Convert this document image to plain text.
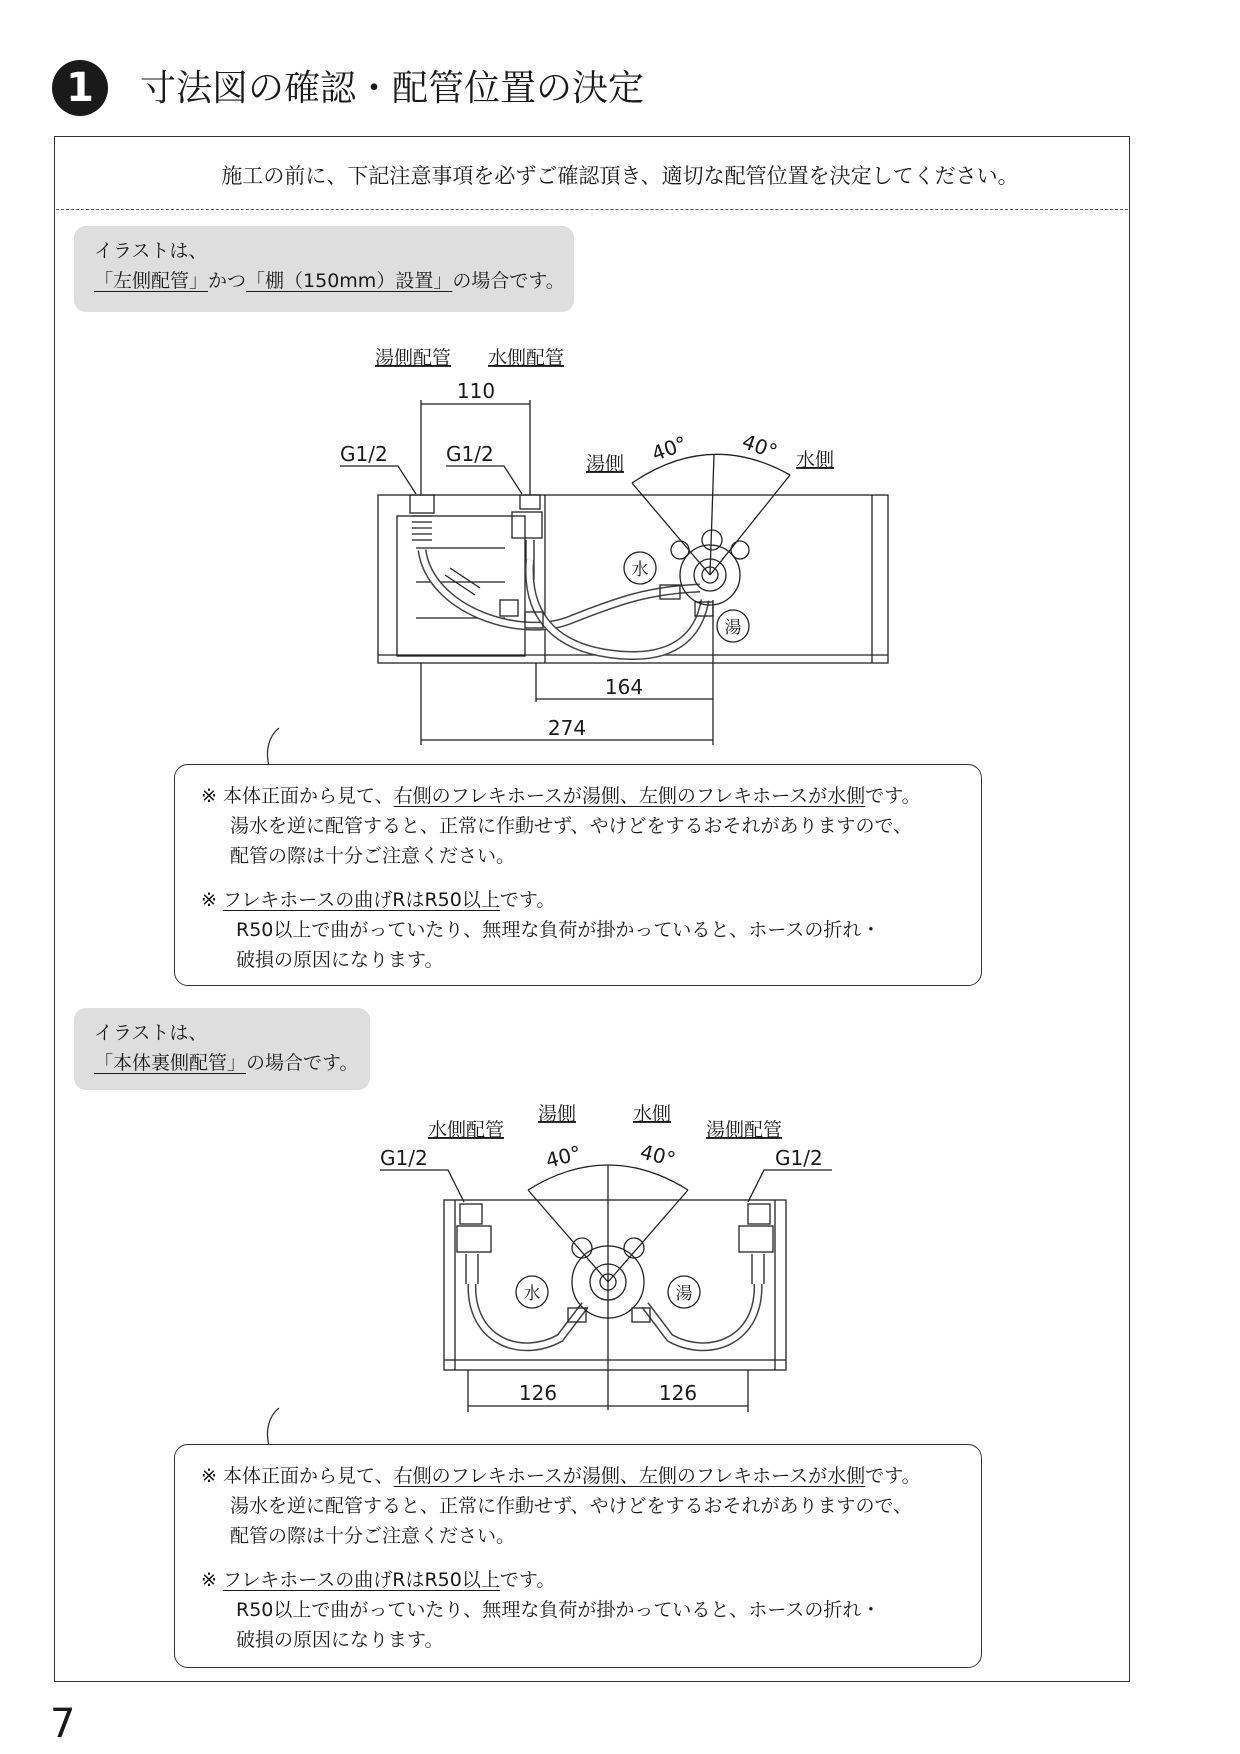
1	寸法図の確認・配管位置の決定
施工の前に、下記注意事項を必ずご確認頂き、適切な配管位置を決定してください。
イラストは、
「左側配管」かつ「棚（150mm）設置」の場合です。
湯側配管 水側配管
110
G1/2	G1/2	湯側	水側
40° 40°
水
湯
164
274
※ 本体正面から見て、右側のフレキホースが湯側、左側のフレキホースが水側です。
湯水を逆に配管すると、正常に作動せず、やけどをするおそれがありますので、
配管の際は十分ご注意ください。
※ フレキホースの曲げRはR50以上です。
R50以上で曲がっていたり、無理な負荷が掛かっていると、ホースの折れ・
破損の原因になります。
イラストは、
「本体裏側配管」の場合です。
水側配管
湯側	水側
湯側配管
G1/2	G1/2
40°	40°
水	湯
126	126
※ 本体正面から見て、右側のフレキホースが湯側、左側のフレキホースが水側です。
湯水を逆に配管すると、正常に作動せず、やけどをするおそれがありますので、
配管の際は十分ご注意ください。
※ フレキホースの曲げRはR50以上です。
R50以上で曲がっていたり、無理な負荷が掛かっていると、ホースの折れ・
破損の原因になります。
7
